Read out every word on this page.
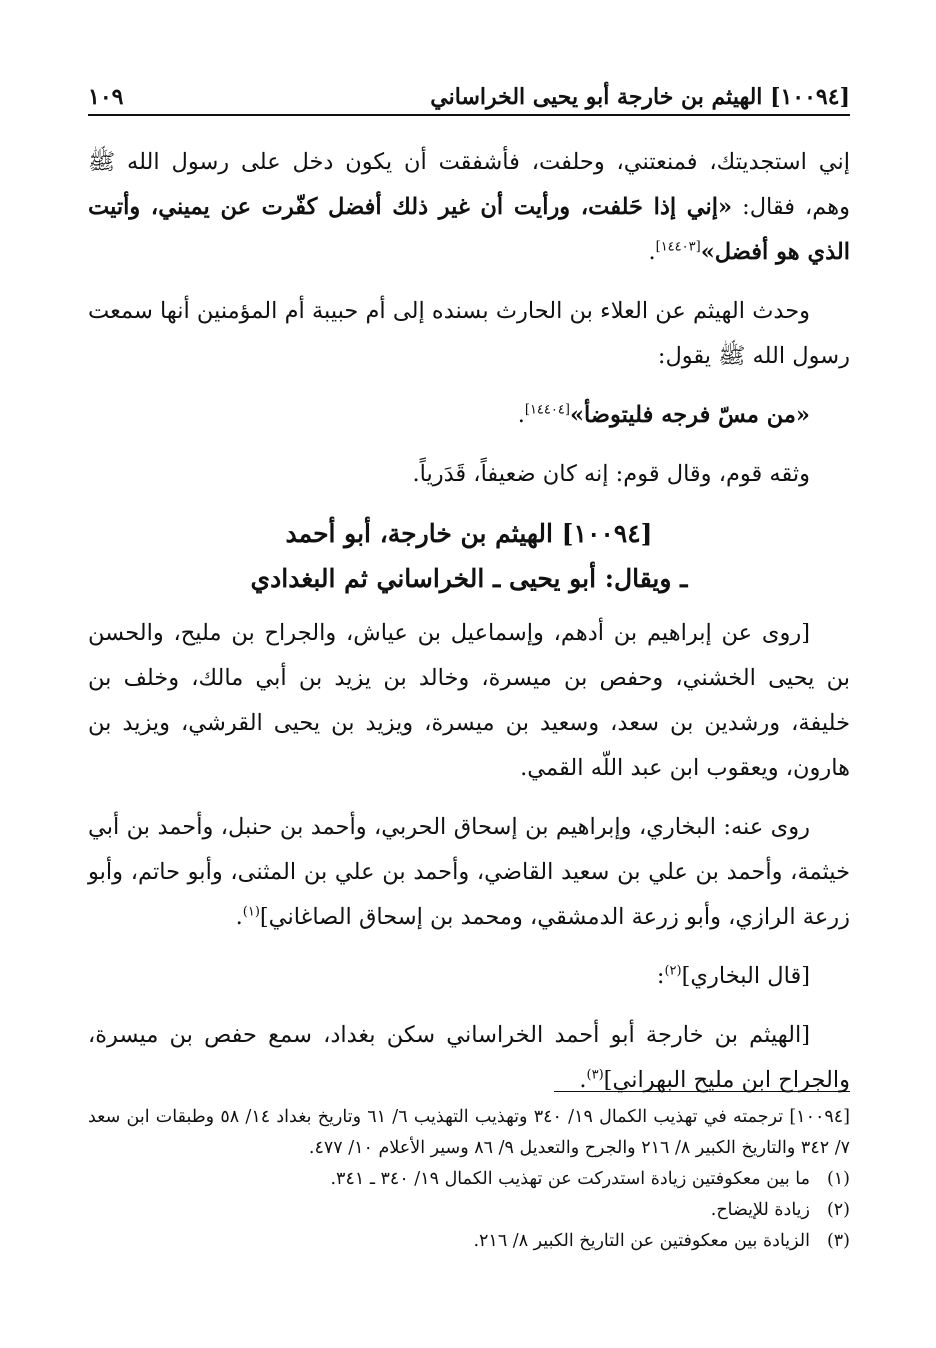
[١٠٠٩٤] الهيثم بن خارجة أبو يحيى الخراساني
١٠٩

إني استجديتك، فمنعتني، وحلفت، فأشفقت أن يكون دخل على رسول الله ﷺ وهم، فقال: «إني إذا حَلفت، ورأيت أن غير ذلك أفضل كفّرت عن يميني، وأتيت الذي هو أفضل»[١٤٤٠٣].

وحدث الهيثم عن العلاء بن الحارث بسنده إلى أم حبيبة أم المؤمنين أنها سمعت رسول الله ﷺ يقول:

«من مسّ فرجه فليتوضأ»[١٤٤٠٤].

وثقه قوم، وقال قوم: إنه كان ضعيفاً، قَدَرياً.

[١٠٠٩٤] الهيثم بن خارجة، أبو أحمد
ـ ويقال: أبو يحيى ـ الخراساني ثم البغدادي

[روى عن إبراهيم بن أدهم، وإسماعيل بن عياش، والجراح بن مليح، والحسن بن يحيى الخشني، وحفص بن ميسرة، وخالد بن يزيد بن أبي مالك، وخلف بن خليفة، ورشدين بن سعد، وسعيد بن ميسرة، ويزيد بن يحيى القرشي، ويزيد بن هارون، ويعقوب ابن عبد اللّه القمي.

روى عنه: البخاري، وإبراهيم بن إسحاق الحربي، وأحمد بن حنبل، وأحمد بن أبي خيثمة، وأحمد بن علي بن سعيد القاضي، وأحمد بن علي بن المثنى، وأبو حاتم، وأبو زرعة الرازي، وأبو زرعة الدمشقي، ومحمد بن إسحاق الصاغاني]$^{(١)}$.

[قال البخاري]$^{(٢)}$:

[الهيثم بن خارجة أبو أحمد الخراساني سكن بغداد، سمع حفص بن ميسرة، والجراح ابن مليح البهراني]$^{(٣)}$.

[١٠٠٩٤] ترجمته في تهذيب الكمال ١٩/ ٣٤٠ وتهذيب التهذيب ٦/ ٦١ وتاريخ بغداد ١٤/ ٥٨ وطبقات ابن سعد ٧/ ٣٤٢ والتاريخ الكبير ٨/ ٢١٦ والجرح والتعديل ٩/ ٨٦ وسير الأعلام ١٠/ ٤٧٧.

(١)ما بين معكوفتين زيادة استدركت عن تهذيب الكمال ١٩/ ٣٤٠ ـ ٣٤١.

(٢)زيادة للإيضاح.

(٣)الزيادة بين معكوفتين عن التاريخ الكبير ٨/ ٢١٦.
